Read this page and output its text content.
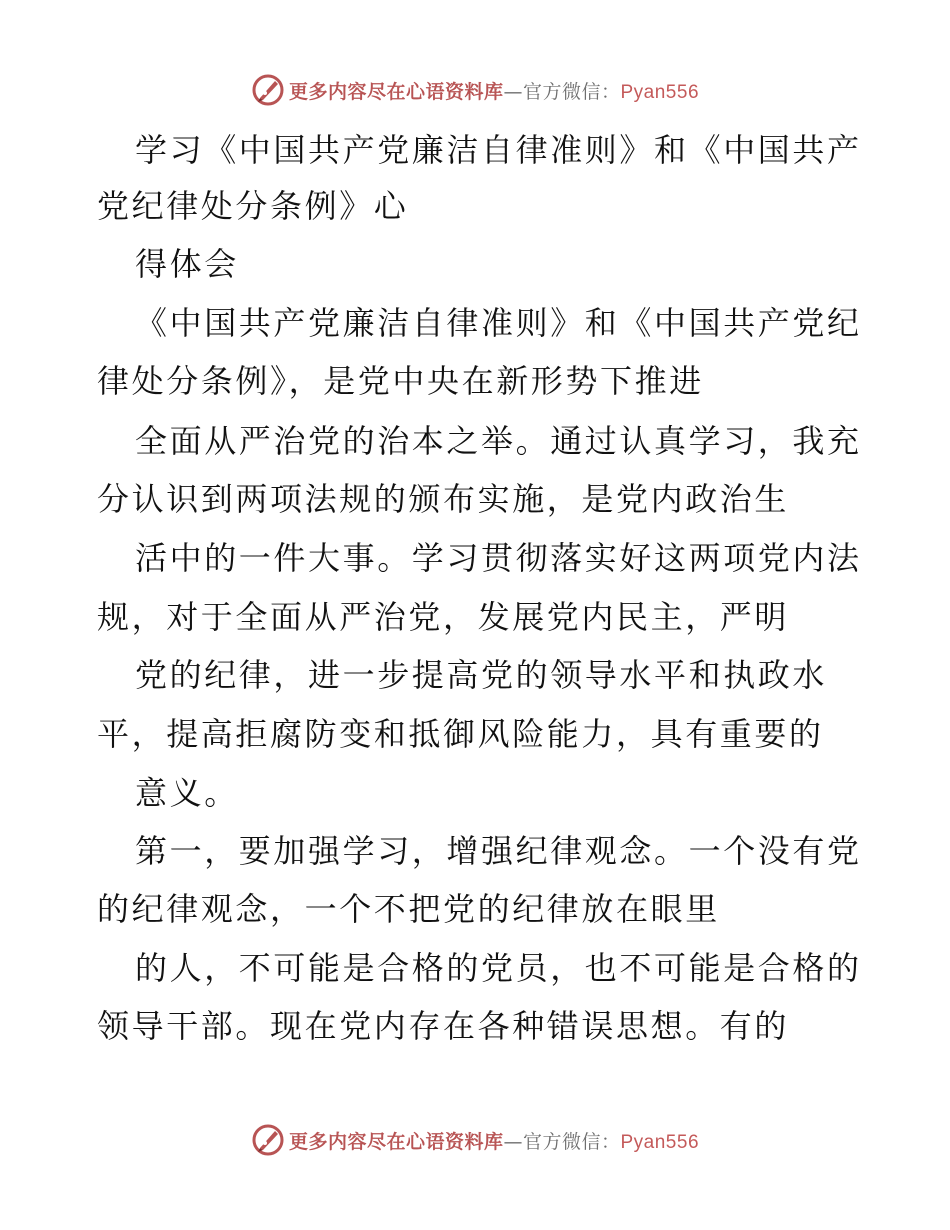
更多内容尽在心语资料库—官方微信：Pyan556
学习《中国共产党廉洁自律准则》和《中国共产
党纪律处分条例》心
得体会
《中国共产党廉洁自律准则》和《中国共产党纪
律处分条例》，是党中央在新形势下推进
全面从严治党的治本之举。通过认真学习，我充
分认识到两项法规的颁布实施，是党内政治生
活中的一件大事。学习贯彻落实好这两项党内法
规，对于全面从严治党，发展党内民主，严明
党的纪律，进一步提高党的领导水平和执政水
平，提高拒腐防变和抵御风险能力，具有重要的
意义。
第一，要加强学习，增强纪律观念。一个没有党
的纪律观念，一个不把党的纪律放在眼里
的人，不可能是合格的党员，也不可能是合格的
领导干部。现在党内存在各种错误思想。有的
更多内容尽在心语资料库—官方微信：Pyan556
